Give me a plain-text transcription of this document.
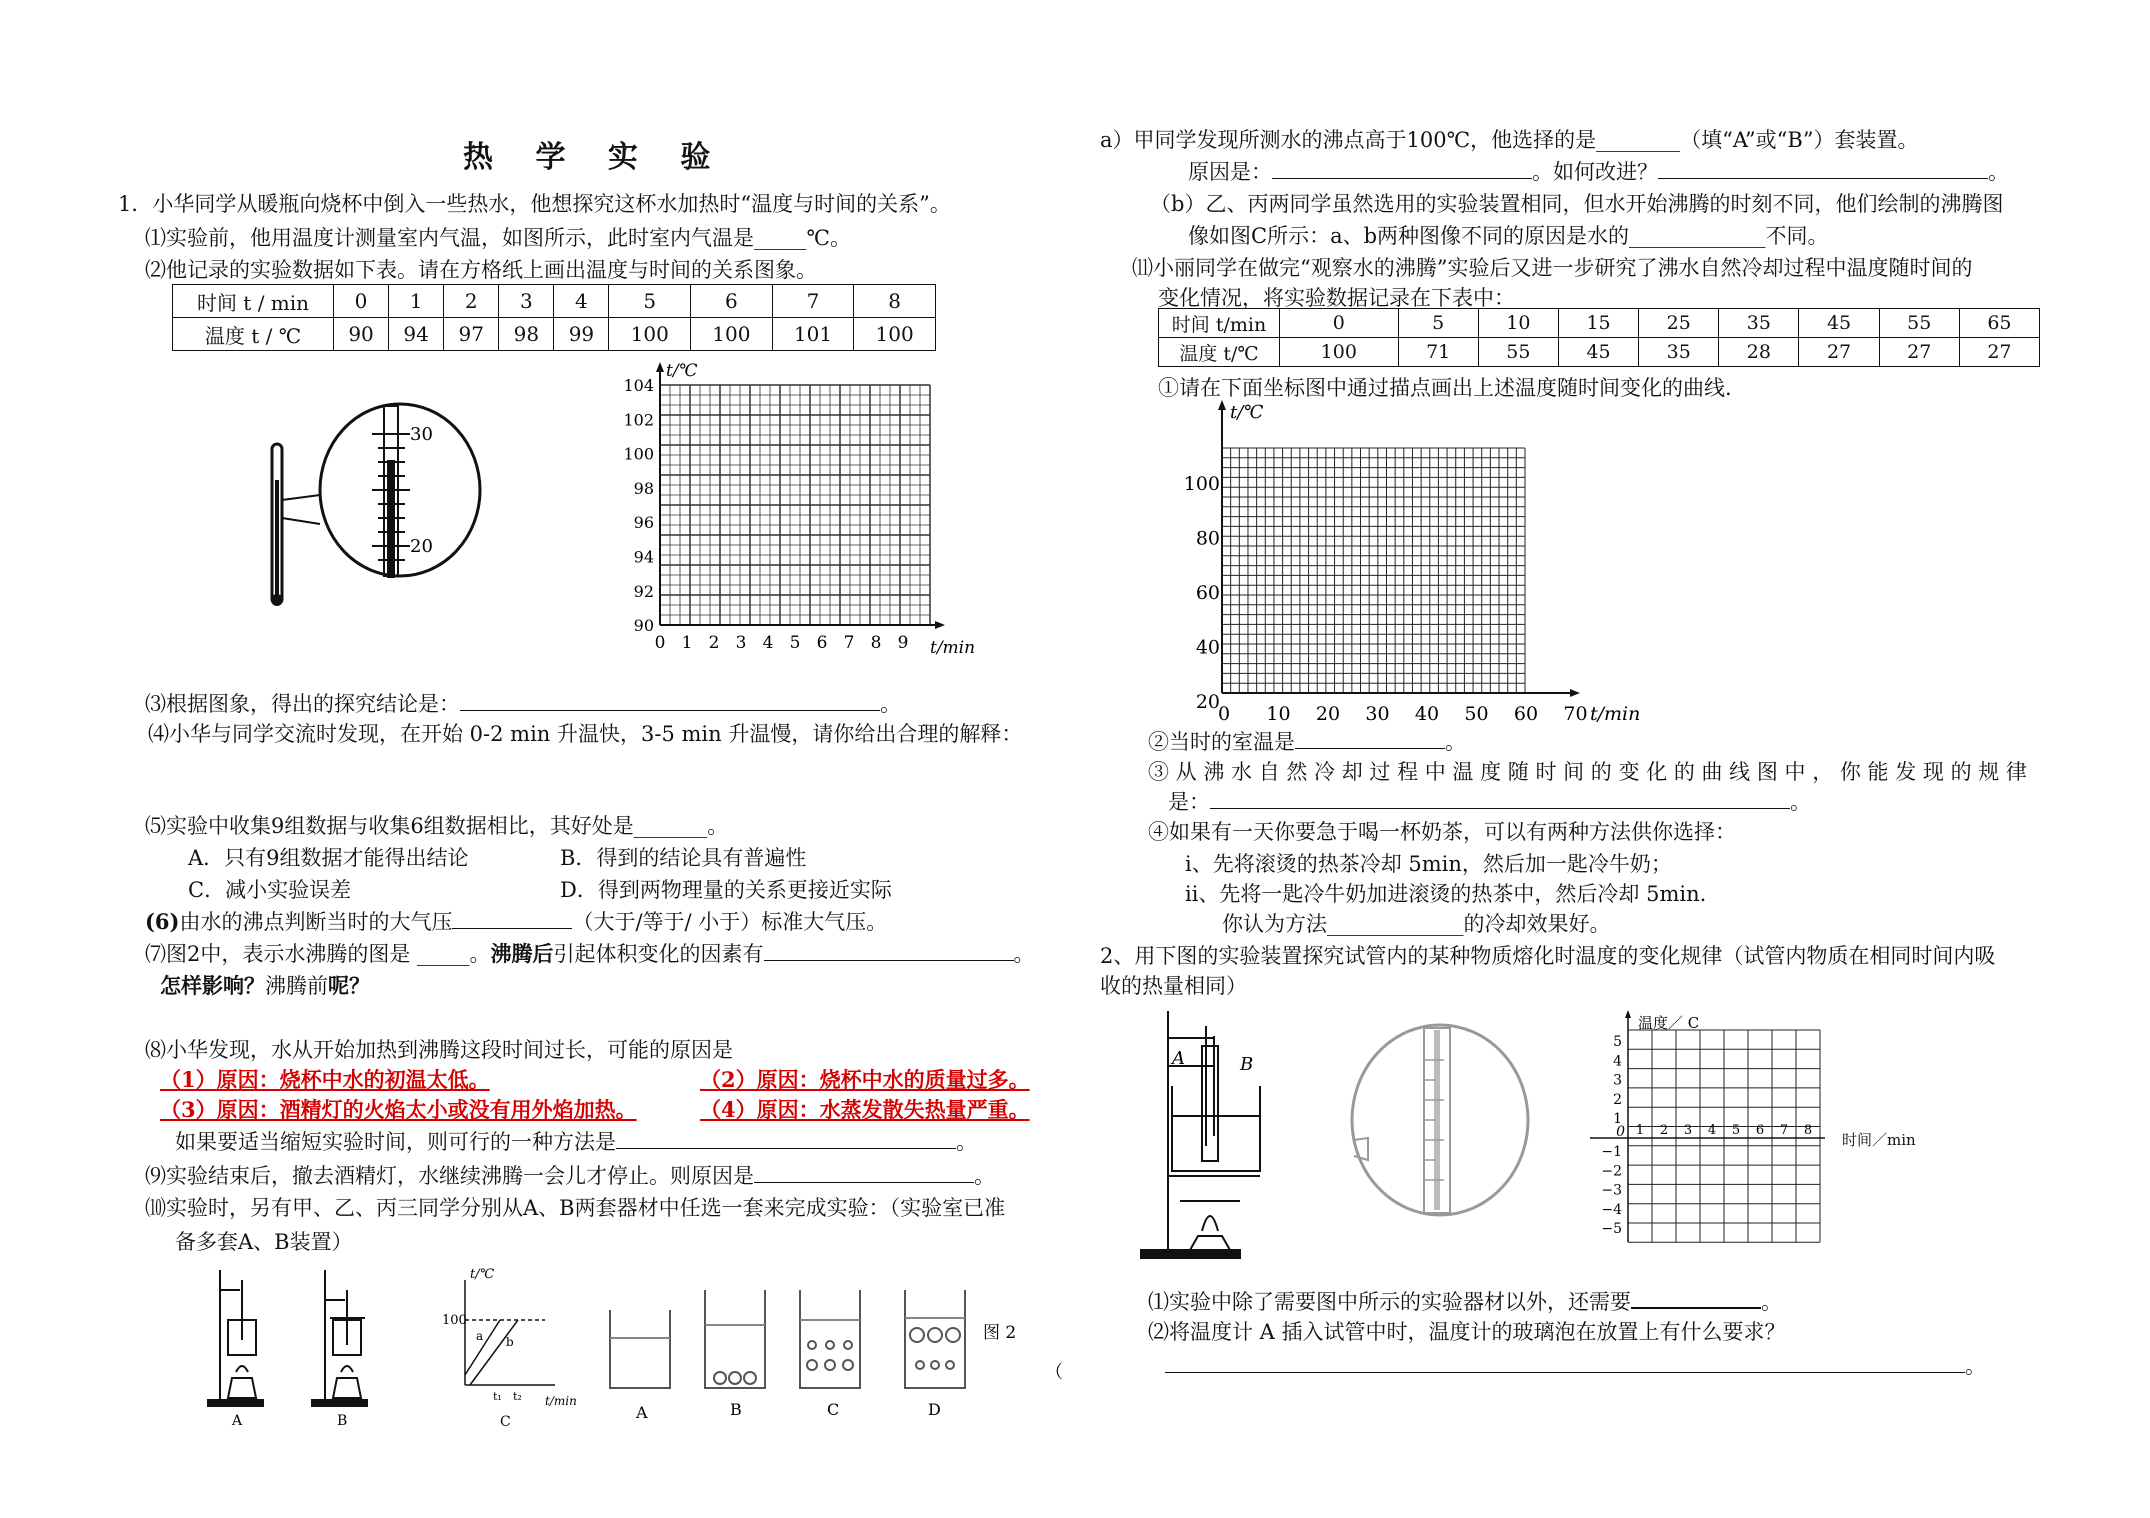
热 学 实 验
1．小华同学从暖瓶向烧杯中倒入一些热水，他想探究这杯水加热时“温度与时间的关系”。
⑴实验前，他用温度计测量室内气温，如图所示，此时室内气温是_____℃。
⑵他记录的实验数据如下表。请在方格纸上画出温度与时间的关系图象。
时间 t / min	0	1	2	3	4	5	6	7	8
温度 t / ℃	90	94	97	98	99	100	100	101	100
30
20
t/℃
104
102
100
98
96
94
92
90
0 1 2 3 4 5 6 7 8 9 t/min
⑶根据图象，得出的探究结论是：	。
⑷小华与同学交流时发现，在开始 0-2 min 升温快，3-5 min 升温慢，请你给出合理的解释：
⑸实验中收集9组数据与收集6组数据相比，其好处是_______。
A．只有9组数据才能得出结论	B．得到的结论具有普遍性
C．减小实验误差	D．得到两物理量的关系更接近实际
(6)由水的沸点判断当时的大气压	（大于/等于/ 小于）标准大气压。
⑺图2中，表示水沸腾的图是 _____。沸腾后引起体积变化的因素有	。
怎样影响？沸腾前呢？
⑻小华发现，水从开始加热到沸腾这段时间过长，可能的原因是
（1）原因：烧杯中水的初温太低。	（2）原因：烧杯中水的质量过多。
（3）原因：酒精灯的火焰太小或没有用外焰加热。	（4）原因：水蒸发散失热量严重。
如果要适当缩短实验时间，则可行的一种方法是	。
⑼实验结束后，撤去酒精灯，水继续沸腾一会儿才停止。则原因是	。
⑽实验时，另有甲、乙、丙三同学分别从A、B两套器材中任选一套来完成实验：（实验室已准
备多套A、B装置）
A	B
t/℃
100
a b
t₁ t₂ t/min
C	A	B	C	D
图 2
（
a）甲同学发现所测水的沸点高于100℃，他选择的是________（填“A”或“B”）套装置。
原因是：	。如何改进？	。
（b）乙、丙两同学虽然选用的实验装置相同，但水开始沸腾的时刻不同，他们绘制的沸腾图
像如图C所示：a、b两种图像不同的原因是水的_____________不同。
⑾小丽同学在做完“观察水的沸腾”实验后又进一步研究了沸水自然冷却过程中温度随时间的
变化情况，将实验数据记录在下表中：
时间 t/min	0	5	10	15	25	35	45	55	65
温度 t/℃	100	71	55	45	35	28	27	27	27
①请在下面坐标图中通过描点画出上述温度随时间变化的曲线.
t/℃
100
80
60
40
20
0 10 20 30 40 50 60 70 t/min
②当时的室温是	。
③ 从 沸 水 自 然 冷 却 过 程 中 温 度 随 时 间 的 变 化 的 曲 线 图 中 ， 你 能 发 现 的 规 律
是：	。
④如果有一天你要急于喝一杯奶茶，可以有两种方法供你选择：
ⅰ、先将滚烫的热茶冷却 5min，然后加一匙冷牛奶；
ⅱ、先将一匙冷牛奶加进滚烫的热茶中，然后冷却 5min.
你认为方法_____________的冷却效果好。
2、用下图的实验装置探究试管内的某种物质熔化时温度的变化规律（试管内物质在相同时间内吸
收的热量相同）
A	B
温度／ C
5
4
3
2
1
−1
−2
−3
−4
−5
0 1 2 3 4 5 6 7 8
时间／min
⑴实验中除了需要图中所示的实验器材以外，还需要	。
⑵将温度计 A 插入试管中时，温度计的玻璃泡在放置上有什么要求？
。
